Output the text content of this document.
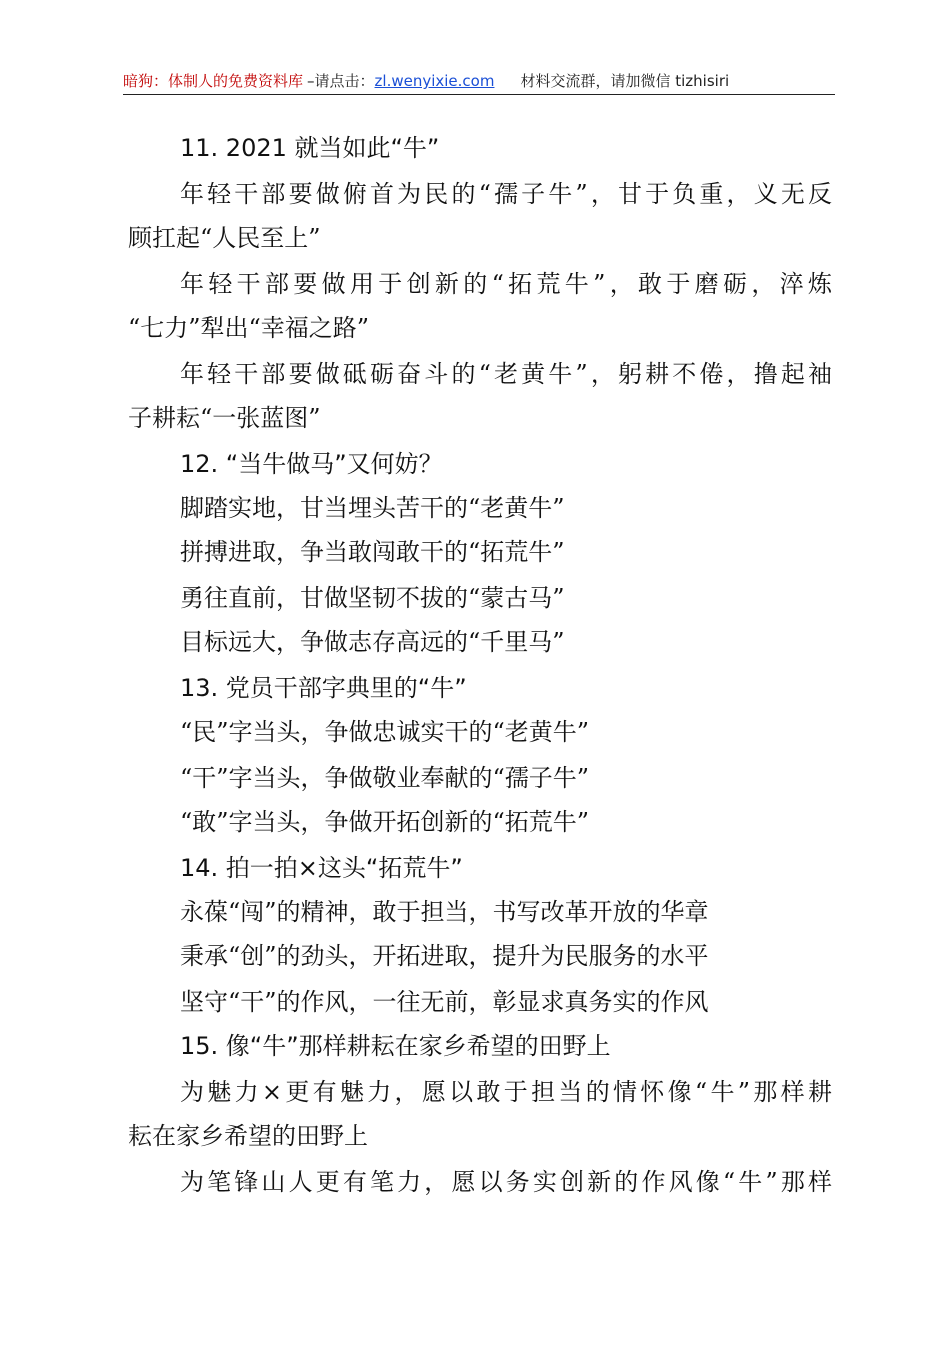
暗狗：体制人的免费资料库 –请点击：zl.wenyixie.com 材料交流群，请加微信 tizhisiri
11. 2021 就当如此“牛”
年轻干部要做俯首为民的“孺子牛”，甘于负重，义无反
顾扛起“人民至上”
年轻干部要做用于创新的“拓荒牛”，敢于磨砺，淬炼
“七力”犁出“幸福之路”
年轻干部要做砥砺奋斗的“老黄牛”，躬耕不倦，撸起袖
子耕耘“一张蓝图”
12. “当牛做马”又何妨？
脚踏实地，甘当埋头苦干的“老黄牛”
拼搏进取，争当敢闯敢干的“拓荒牛”
勇往直前，甘做坚韧不拔的“蒙古马”
目标远大，争做志存高远的“千里马”
13. 党员干部字典里的“牛”
“民”字当头，争做忠诚实干的“老黄牛”
“干”字当头，争做敬业奉献的“孺子牛”
“敢”字当头，争做开拓创新的“拓荒牛”
14. 拍一拍×这头“拓荒牛”
永葆“闯”的精神，敢于担当，书写改革开放的华章
秉承“创”的劲头，开拓进取，提升为民服务的水平
坚守“干”的作风，一往无前，彰显求真务实的作风
15. 像“牛”那样耕耘在家乡希望的田野上
为魅力×更有魅力，愿以敢于担当的情怀像“牛”那样耕
耘在家乡希望的田野上
为笔锋山人更有笔力，愿以务实创新的作风像“牛”那样
